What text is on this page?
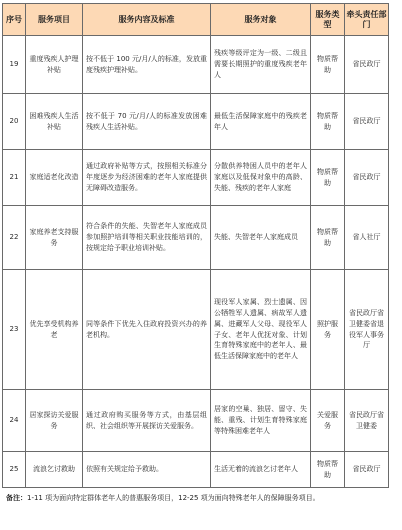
序号	服务项目	服务内容及标准	服务对象	服务类型	牵头责任部门
19	重度残疾人护理补贴	按不低于 100 元/月/人的标准，发放重度残疾护理补贴。	残疾等级评定为一级、二级且需要长期照护的重度残疾老年人	物质帮助	省民政厅
20	困难残疾人生活补贴	按不低于 70 元/月/人的标准发放困难残疾人生活补贴。	最低生活保障家庭中的残疾老年人	物质帮助	省民政厅
21	家庭适老化改造	通过政府补贴等方式，按照相关标准分年度逐步为经济困难的老年人家庭提供无障碍改造服务。	分散供养特困人员中的老年人家庭以及低保对象中的高龄、失能、残疾的老年人家庭	物质帮助	省民政厅
22	家庭养老支持服务	符合条件的失能、失智老年人家庭成员参加照护培训等相关职业技能培训的，按规定给予职业培训补贴。	失能、失智老年人家庭成员	物质帮助	省人社厅
23	优先享受机构养老	同等条件下优先入住政府投资兴办的养老机构。	现役军人家属、烈士遗属、因公牺牲军人遗属、病故军人遗属、进藏军人父母、现役军人子女、老年人优抚对象、计划生育特殊家庭中的老年人、最低生活保障家庭中的老年人	照护服务	省民政厅省卫健委省退役军人事务厅
24	居家探访关爱服务	通过政府购买服务等方式，由基层组织、社会组织等开展探访关爱服务。	居家的空巢、独居、留守、失能、重残、计划生育特殊家庭等特殊困难老年人	关爱服务	省民政厅省卫健委
25	流浪乞讨救助	依照有关规定给予救助。	生活无着的流浪乞讨老年人	物质帮助	省民政厅
备注：1-11 项为面向特定群体老年人的普惠服务项目，12-25 项为面向特殊老年人的保障服务项目。
